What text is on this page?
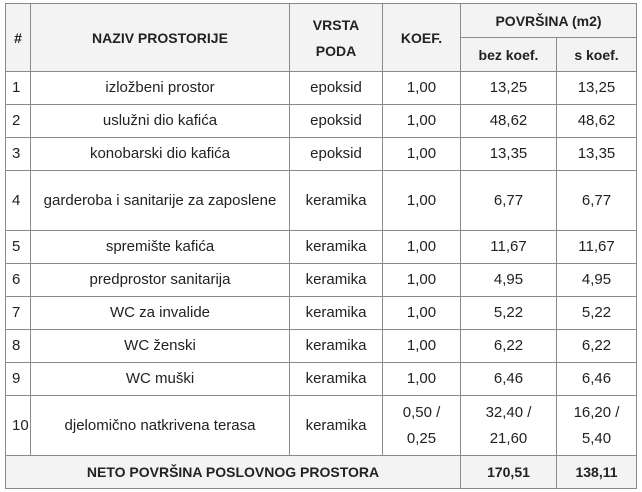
#	NAZIV PROSTORIJE	VRSTA PODA	KOEF.	POVRŠINA (m2)	
				bez koef.	s koef.
1	izložbeni prostor	epoksid	1,00	13,25	13,25
2	uslužni dio kafića	epoksid	1,00	48,62	48,62
3	konobarski dio kafića	epoksid	1,00	13,35	13,35
4	garderoba i sanitarije za zaposlene	keramika	1,00	6,77	6,77
5	spremište kafića	keramika	1,00	11,67	11,67
6	predprostor sanitarija	keramika	1,00	4,95	4,95
7	WC za invalide	keramika	1,00	5,22	5,22
8	WC ženski	keramika	1,00	6,22	6,22
9	WC muški	keramika	1,00	6,46	6,46
10	djelomično natkrivena terasa	keramika	0,50 / 0,25	32,40 / 21,60	16,20 / 5,40
NETO POVRŠINA POSLOVNOG PROSTORA				170,51	138,11
